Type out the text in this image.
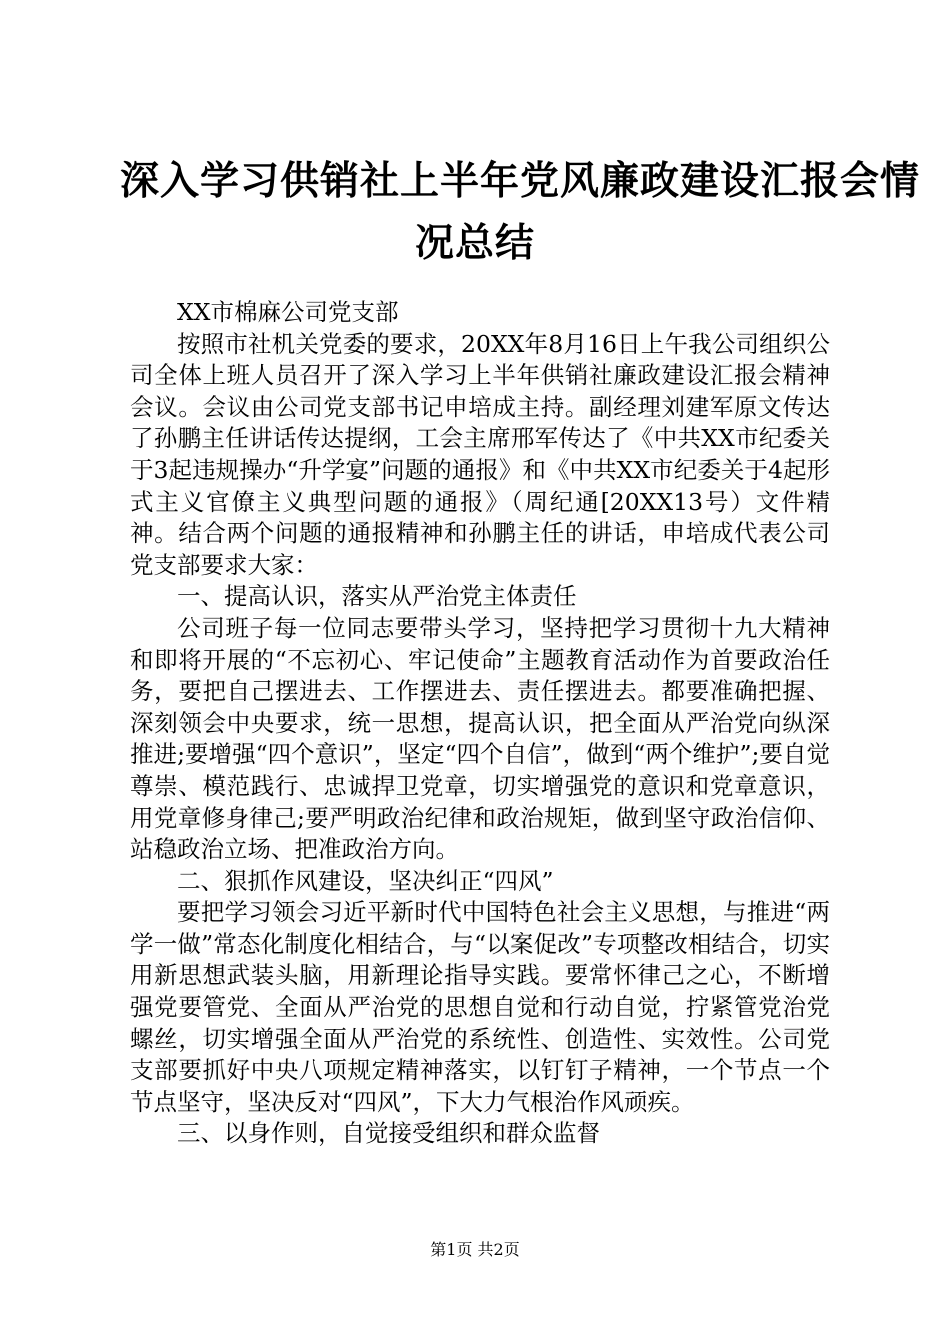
深入学习供销社上半年党风廉政建设汇报会情
况总结

XX市棉麻公司党支部

按照市社机关党委的要求，20XX年8月16日上午我公司组织公司全体上班人员召开了深入学习上半年供销社廉政建设汇报会精神会议。会议由公司党支部书记申培成主持。副经理刘建军原文传达了孙鹏主任讲话传达提纲，工会主席邢军传达了《中共XX市纪委关于3起违规操办“升学宴”问题的通报》和《中共XX市纪委关于4起形式主义官僚主义典型问题的通报》（周纪通[20XX13号）文件精神。结合两个问题的通报精神和孙鹏主任的讲话，申培成代表公司党支部要求大家：

一、提高认识，落实从严治党主体责任

公司班子每一位同志要带头学习，坚持把学习贯彻十九大精神和即将开展的“不忘初心、牢记使命”主题教育活动作为首要政治任务，要把自己摆进去、工作摆进去、责任摆进去。都要准确把握、深刻领会中央要求，统一思想，提高认识，把全面从严治党向纵深推进;要增强“四个意识”，坚定“四个自信”，做到“两个维护”;要自觉尊崇、模范践行、忠诚捍卫党章，切实增强党的意识和党章意识，用党章修身律己;要严明政治纪律和政治规矩，做到坚守政治信仰、站稳政治立场、把准政治方向。

二、狠抓作风建设，坚决纠正“四风”

要把学习领会习近平新时代中国特色社会主义思想，与推进“两学一做”常态化制度化相结合，与“以案促改”专项整改相结合，切实用新思想武装头脑，用新理论指导实践。要常怀律己之心，不断增强党要管党、全面从严治党的思想自觉和行动自觉，拧紧管党治党螺丝，切实增强全面从严治党的系统性、创造性、实效性。公司党支部要抓好中央八项规定精神落实，以钉钉子精神，一个节点一个节点坚守，坚决反对“四风”，下大力气根治作风顽疾。

三、以身作则，自觉接受组织和群众监督

第1页 共2页
